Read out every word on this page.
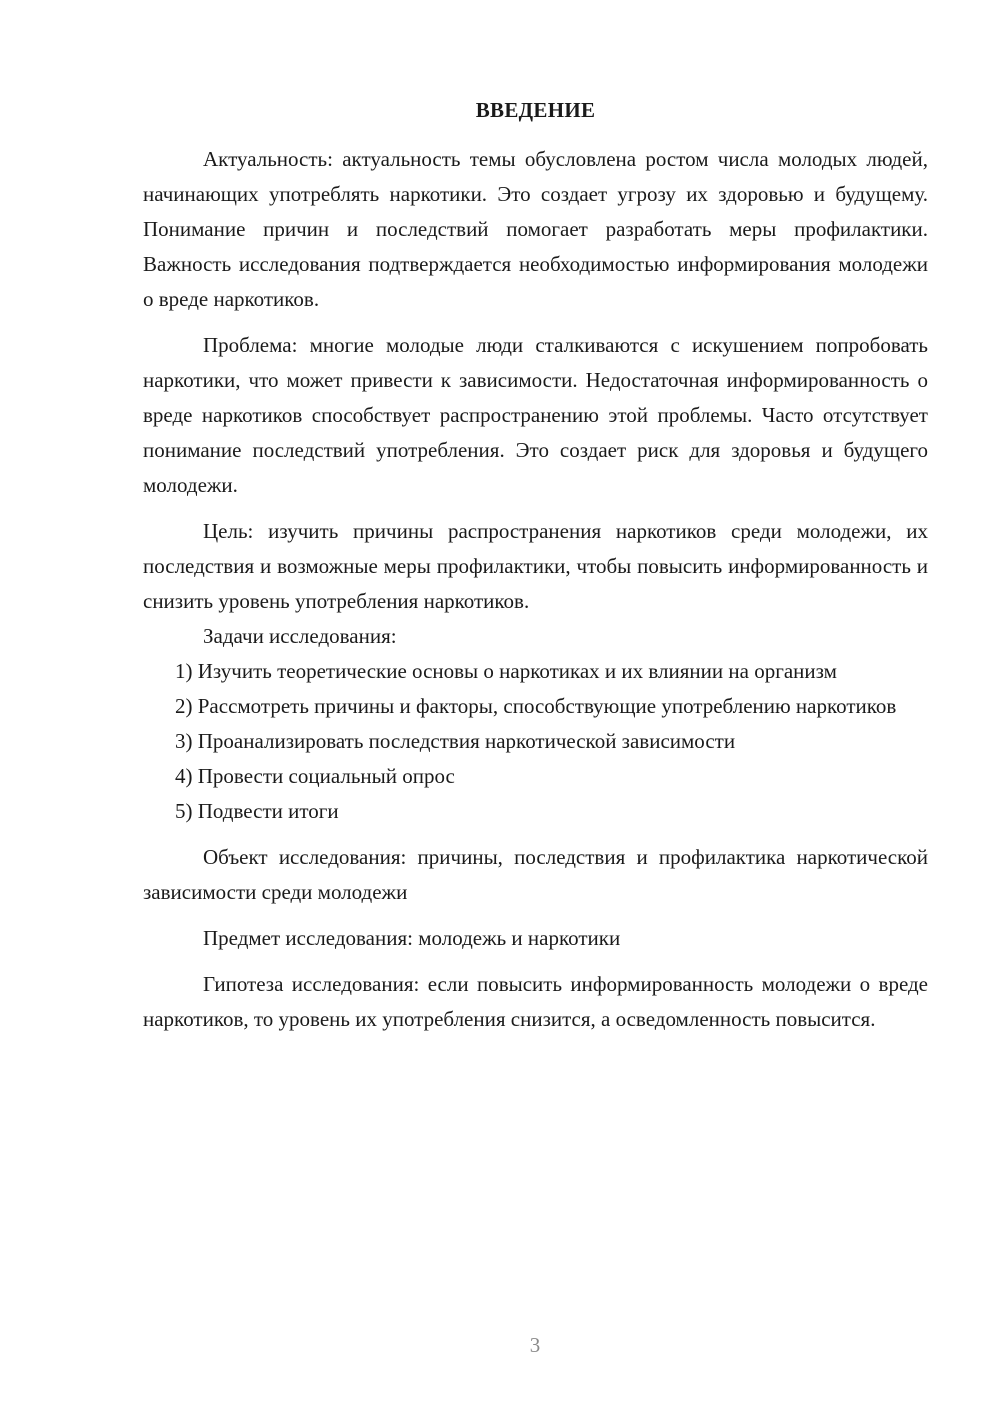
ВВЕДЕНИЕ

Актуальность: актуальность темы обусловлена ростом числа молодых людей, начинающих употреблять наркотики. Это создает угрозу их здоровью и будущему. Понимание причин и последствий помогает разработать меры профилактики. Важность исследования подтверждается необходимостью информирования молодежи о вреде наркотиков.

Проблема: многие молодые люди сталкиваются с искушением попробовать наркотики, что может привести к зависимости. Недостаточная информированность о вреде наркотиков способствует распространению этой проблемы. Часто отсутствует понимание последствий употребления. Это создает риск для здоровья и будущего молодежи.

Цель: изучить причины распространения наркотиков среди молодежи, их последствия и возможные меры профилактики, чтобы повысить информированность и снизить уровень употребления наркотиков.

Задачи исследования:

1) Изучить теоретические основы о наркотиках и их влиянии на организм

2) Рассмотреть причины и факторы, способствующие употреблению наркотиков

3) Проанализировать последствия наркотической зависимости

4) Провести социальный опрос

5) Подвести итоги

Объект исследования: причины, последствия и профилактика наркотической зависимости среди молодежи

Предмет исследования: молодежь и наркотики

Гипотеза исследования: если повысить информированность молодежи о вреде наркотиков, то уровень их употребления снизится, а осведомленность повысится.

3
